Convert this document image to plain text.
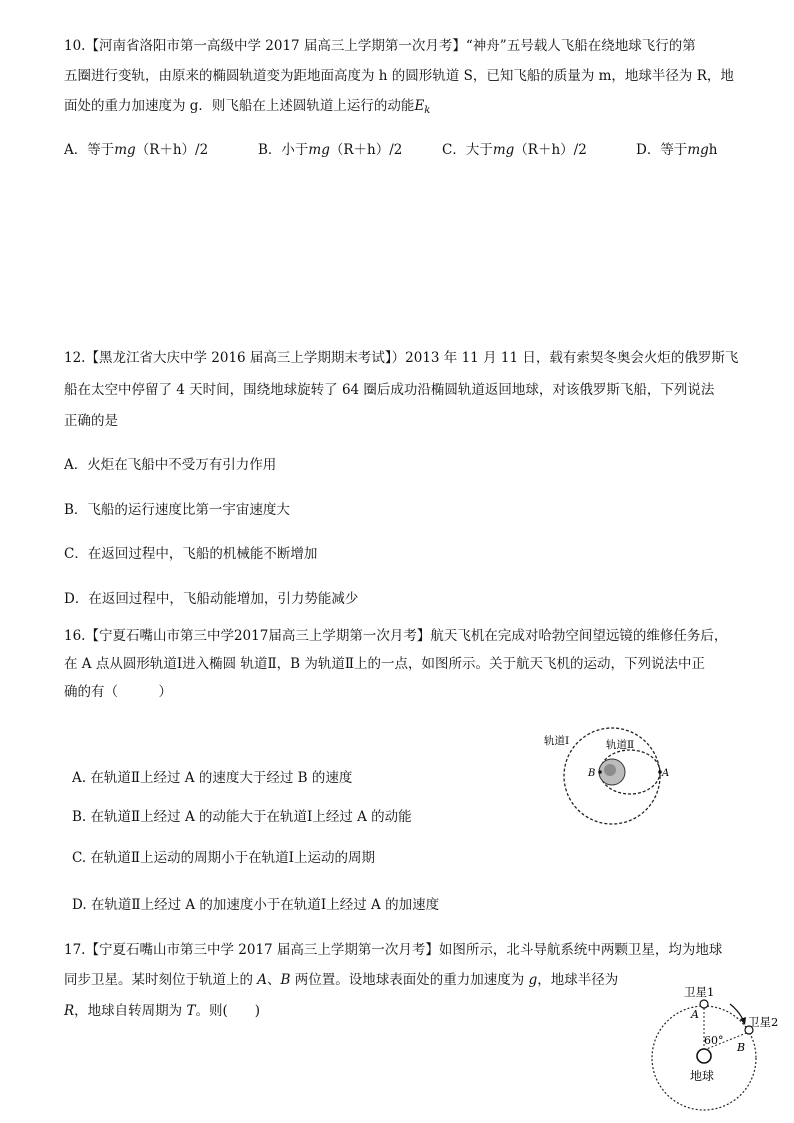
10.【河南省洛阳市第一高级中学 2017 届高三上学期第一次月考】“神舟”五号载人飞船在绕地球飞行的第
五圈进行变轨，由原来的椭圆轨道变为距地面高度为 h 的圆形轨道 S，已知飞船的质量为 m，地球半径为 R，地
面处的重力加速度为 g．则飞船在上述圆轨道上运行的动能$E_k$
A．等于mg（R＋h）/2	B．小于mg（R＋h）/2	C．大于mg（R＋h）/2	D．等于mgh
12.【黑龙江省大庆中学 2016 届高三上学期期末考试】）2013 年 11 月 11 日，载有索契冬奥会火炬的俄罗斯飞
船在太空中停留了 4 天时间，围绕地球旋转了 64 圈后成功沿椭圆轨道返回地球，对该俄罗斯飞船，下列说法
正确的是
A．火炬在飞船中不受万有引力作用
B．飞船的运行速度比第一宇宙速度大
C．在返回过程中，飞船的机械能不断增加
D．在返回过程中，飞船动能增加，引力势能减少
16.【宁夏石嘴山市第三中学2017届高三上学期第一次月考】航天飞机在完成对哈勃空间望远镜的维修任务后，
在 A 点从圆形轨道Ⅰ进入椭圆 轨道Ⅱ，B 为轨道Ⅱ上的一点，如图所示。关于航天飞机的运动，下列说法中正
确的有（　　　）
A. 在轨道Ⅱ上经过 A 的速度大于经过 B 的速度
B. 在轨道Ⅱ上经过 A 的动能大于在轨道Ⅰ上经过 A 的动能
C. 在轨道Ⅱ上运动的周期小于在轨道Ⅰ上运动的周期
D. 在轨道Ⅱ上经过 A 的加速度小于在轨道Ⅰ上经过 A 的加速度
轨道Ⅰ	轨道Ⅱ
B	A
17.【宁夏石嘴山市第三中学 2017 届高三上学期第一次月考】如图所示，北斗导航系统中两颗卫星，均为地球
同步卫星。某时刻位于轨道上的 A、B 两位置。设地球表面处的重力加速度为 g，地球半径为
R，地球自转周期为 T。则(　　)
卫星1
卫星2
A
B
60°
地球
